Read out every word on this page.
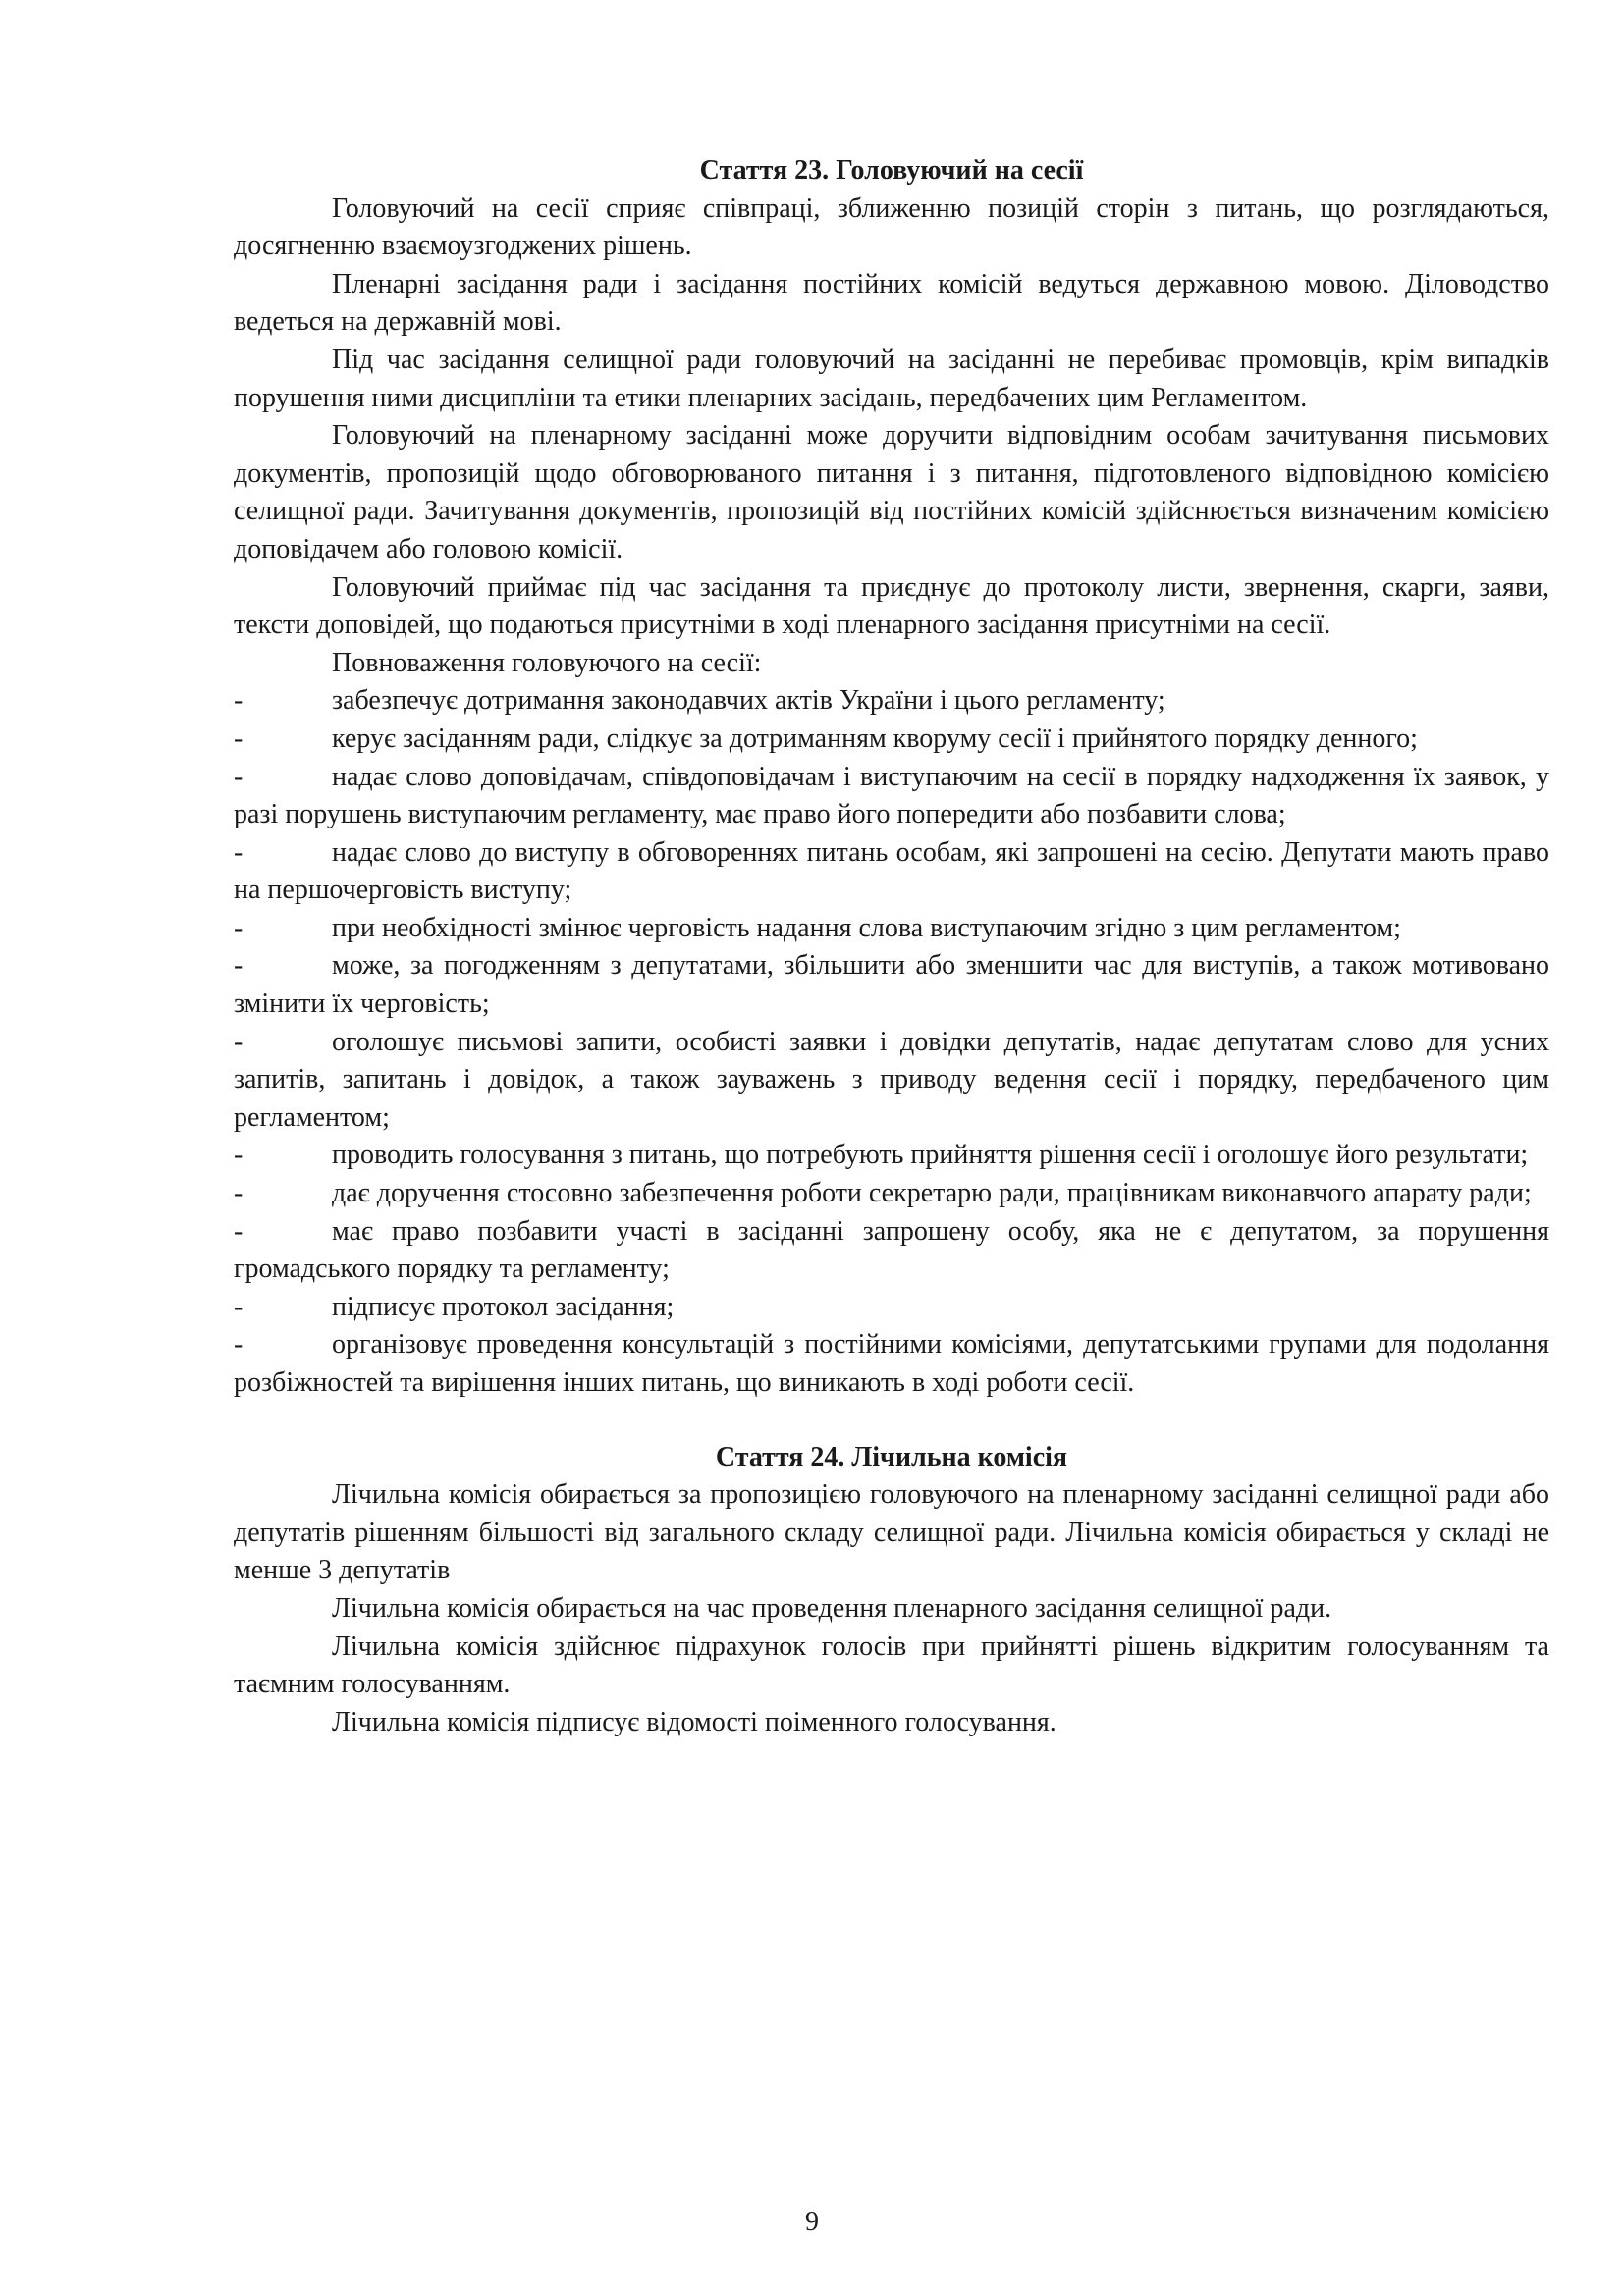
Стаття 23. Головуючий на сесії

Головуючий на сесії сприяє співпраці, зближенню позицій сторін з питань, що розглядаються, досягненню взаємоузгоджених рішень.

Пленарні засідання ради і засідання постійних комісій ведуться державною мовою. Діловодство ведеться на державній мові.

Під час засідання селищної ради головуючий на засіданні не перебиває промовців, крім випадків порушення ними дисципліни та етики пленарних засідань, передбачених цим Регламентом.

Головуючий на пленарному засіданні може доручити відповідним особам зачитування письмових документів, пропозицій щодо обговорюваного питання і з питання, підготовленого відповідною комісією селищної ради. Зачитування документів, пропозицій від постійних комісій здійснюється визначеним комісією доповідачем або головою комісії.

Головуючий приймає під час засідання та приєднує до протоколу листи, звернення, скарги, заяви, тексти доповідей, що подаються присутніми в ході пленарного засідання присутніми на сесії.

Повноваження головуючого на сесії:

-	забезпечує дотримання законодавчих актів України і цього регламенту;

-	керує засіданням ради, слідкує за дотриманням кворуму сесії і прийнятого порядку денного;

-	надає слово доповідачам, співдоповідачам і виступаючим на сесії в порядку надходження їх заявок, у разі порушень виступаючим регламенту, має право його попередити або позбавити слова;

-	надає слово до виступу в обговореннях питань особам, які запрошені на сесію. Депутати мають право на першочерговість виступу;

-	при необхідності змінює черговість надання слова виступаючим згідно з цим регламентом;

-	може, за погодженням з депутатами, збільшити або зменшити час для виступів, а також мотивовано змінити їх черговість;

-	оголошує письмові запити, особисті заявки і довідки депутатів, надає депутатам слово для усних запитів, запитань і довідок, а також зауважень з приводу ведення сесії і порядку, передбаченого цим регламентом;

-	проводить голосування з питань, що потребують прийняття рішення сесії і оголошує його результати;

-	дає доручення стосовно забезпечення роботи секретарю ради, працівникам виконавчого апарату ради;

-	має право позбавити участі в засіданні запрошену особу, яка не є депутатом, за порушення громадського порядку та регламенту;

-	підписує протокол засідання;

-	організовує проведення консультацій з постійними комісіями, депутатськими групами для подолання розбіжностей та вирішення інших питань, що виникають в ході роботи сесії.

Стаття 24. Лічильна комісія

Лічильна комісія обирається за пропозицією головуючого на пленарному засіданні селищної ради або депутатів рішенням більшості від загального складу селищної ради. Лічильна комісія обирається у складі не менше 3 депутатів

Лічильна комісія обирається на час проведення пленарного засідання селищної ради.

Лічильна комісія здійснює підрахунок голосів при прийнятті рішень відкритим голосуванням та таємним голосуванням.

Лічильна комісія підписує відомості поіменного голосування.

9
